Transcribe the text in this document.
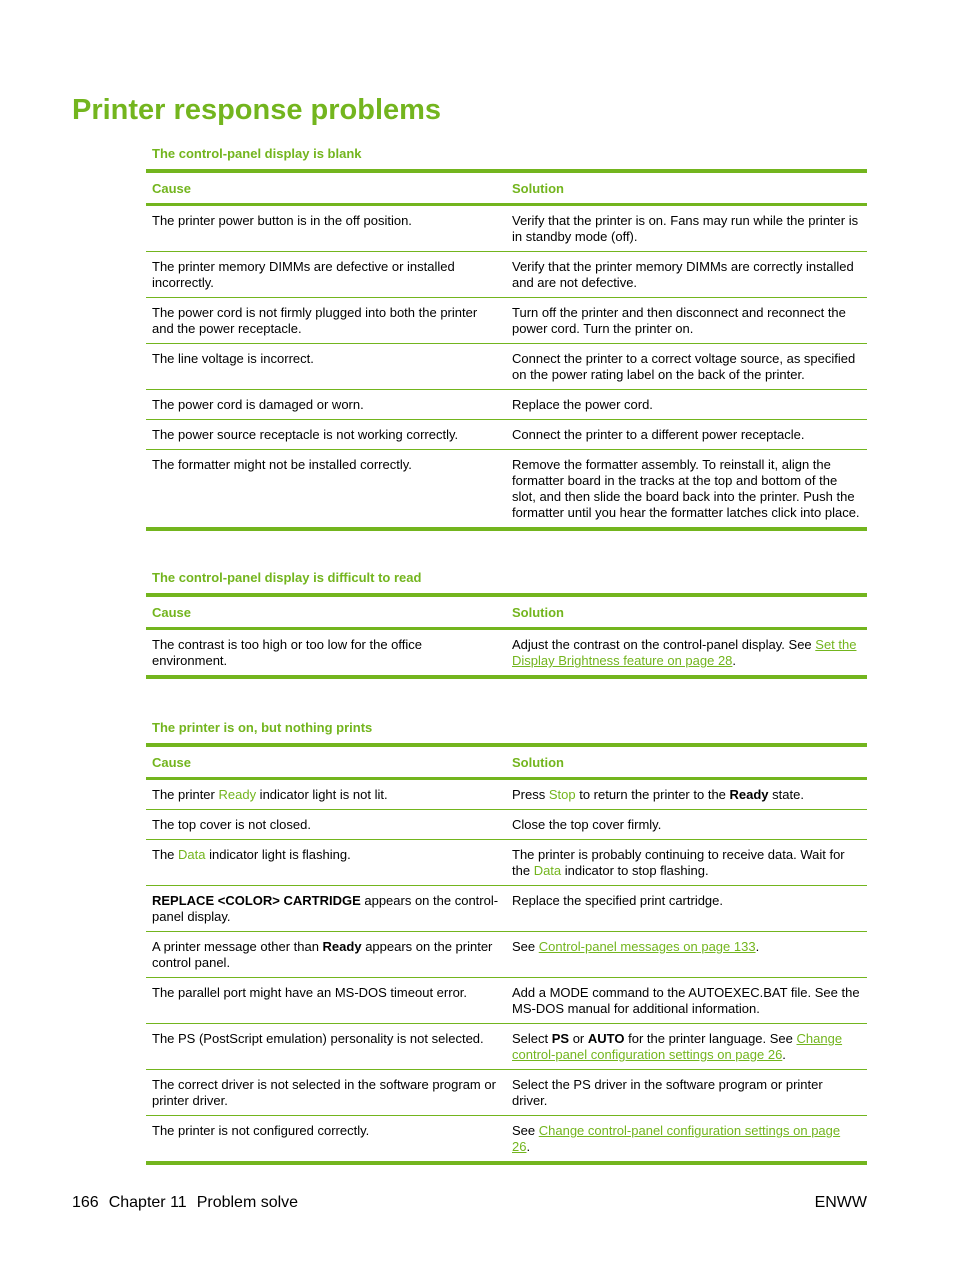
Printer response problems
The control-panel display is blank
Cause	Solution
The printer power button is in the off position.	Verify that the printer is on. Fans may run while the printer is in standby mode (off).
The printer memory DIMMs are defective or installed incorrectly.	Verify that the printer memory DIMMs are correctly installed and are not defective.
The power cord is not firmly plugged into both the printer and the power receptacle.	Turn off the printer and then disconnect and reconnect the power cord. Turn the printer on.
The line voltage is incorrect.	Connect the printer to a correct voltage source, as specified on the power rating label on the back of the printer.
The power cord is damaged or worn.	Replace the power cord.
The power source receptacle is not working correctly.	Connect the printer to a different power receptacle.
The formatter might not be installed correctly.	Remove the formatter assembly. To reinstall it, align the formatter board in the tracks at the top and bottom of the slot, and then slide the board back into the printer. Push the formatter until you hear the formatter latches click into place.
The control-panel display is difficult to read
Cause	Solution
The contrast is too high or too low for the office environment.	Adjust the contrast on the control-panel display. See Set the Display Brightness feature on page 28.
The printer is on, but nothing prints
Cause	Solution
The printer Ready indicator light is not lit.	Press Stop to return the printer to the Ready state.
The top cover is not closed.	Close the top cover firmly.
The Data indicator light is flashing.	The printer is probably continuing to receive data. Wait for the Data indicator to stop flashing.
REPLACE <COLOR> CARTRIDGE appears on the control-panel display.	Replace the specified print cartridge.
A printer message other than Ready appears on the printer control panel.	See Control-panel messages on page 133.
The parallel port might have an MS-DOS timeout error.	Add a MODE command to the AUTOEXEC.BAT file. See the MS-DOS manual for additional information.
The PS (PostScript emulation) personality is not selected.	Select PS or AUTO for the printer language. See Change control-panel configuration settings on page 26.
The correct driver is not selected in the software program or printer driver.	Select the PS driver in the software program or printer driver.
The printer is not configured correctly.	See Change control-panel configuration settings on page 26.
166 Chapter 11 Problem solve	ENWW
